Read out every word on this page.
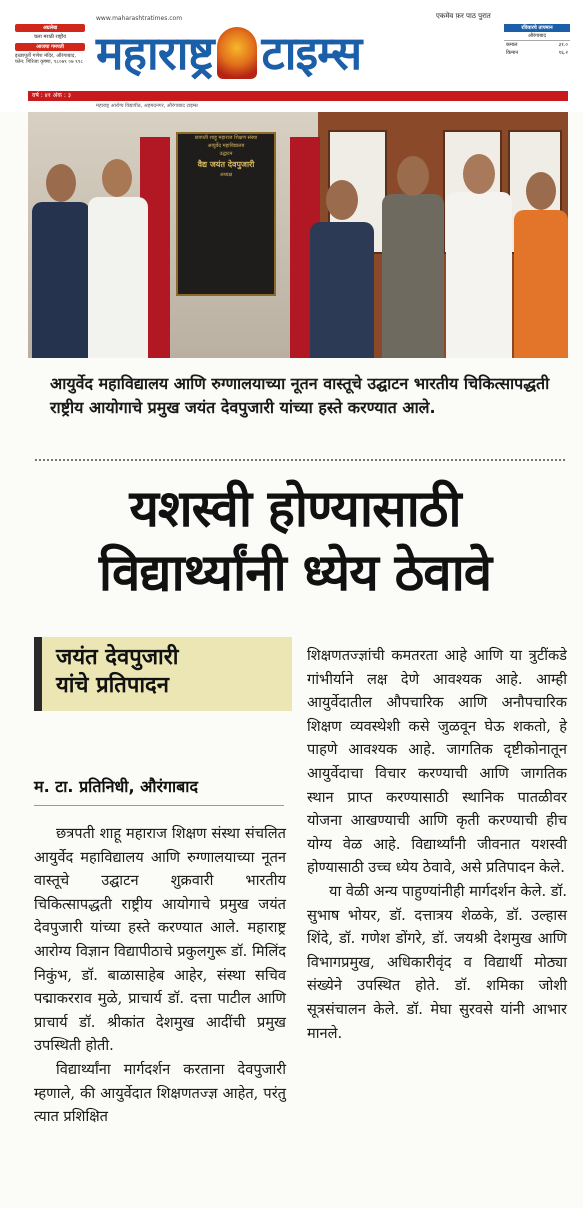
अग्रलेख
चला मराठी राष्ट्रीय
आजचा गमपती
इच्छापूर्ती गणेश मंदिर, औरंगाबाद, फोन: गिरिजा कृष्णा, ९८०७९ ०७ ९९८
www.maharashtratimes.com	एकमेव फ़र पाठ पुरात
महाराष्ट्र टाइम्स	रविवारचे तापमान
औरंगाबाद
कमाल	३१.०
किमान	१६.२
वर्ष : ४१ अंक : ३
महाराष्ट्र आरोग्य विद्यापीठ, अहमदनगर, औरंगाबाद टाइम्स
छत्रपती शाहू महाराज शिक्षण संस्था
आयुर्वेद महाविद्यालय
उद्घाटन
वैद्य जयंत देवपुजारी
अध्यक्ष
आयुर्वेद महाविद्यालय आणि रुग्णालयाच्या नूतन वास्तूचे उद्घाटन भारतीय चिकित्सापद्धती राष्ट्रीय आयोगाचे प्रमुख जयंत देवपुजारी यांच्या हस्ते करण्यात आले.
यशस्वी होण्यासाठी
विद्यार्थ्यांनी ध्येय ठेवावे
जयंत देवपुजारी
यांचे प्रतिपादन
म. टा. प्रतिनिधी, औरंगाबाद

छत्रपती शाहू महाराज शिक्षण संस्था संचलित आयुर्वेद महाविद्यालय आणि रुग्णालयाच्या नूतन वास्तूचे उद्घाटन शुक्रवारी भारतीय चिकित्सापद्धती राष्ट्रीय आयोगाचे प्रमुख जयंत देवपुजारी यांच्या हस्ते करण्यात आले. महाराष्ट्र आरोग्य विज्ञान विद्यापीठाचे प्रकुलगुरू डॉ. मिलिंद निकुंभ, डॉ. बाळासाहेब आहेर, संस्था सचिव पद्माकरराव मुळे, प्राचार्य डॉ. दत्ता पाटील आणि प्राचार्य डॉ. श्रीकांत देशमुख आदींची प्रमुख उपस्थिती होती.

विद्यार्थ्यांना मार्गदर्शन करताना देवपुजारी म्हणाले, की आयुर्वेदात शिक्षणतज्ज्ञ आहेत, परंतु त्यात प्रशिक्षित

शिक्षणतज्ज्ञांची कमतरता आहे आणि या त्रुटींकडे गांभीर्याने लक्ष देणे आवश्यक आहे. आम्ही आयुर्वेदातील औपचारिक आणि अनौपचारिक शिक्षण व्यवस्थेशी कसे जुळवून घेऊ शकतो, हे पाहणे आवश्यक आहे. जागतिक दृष्टीकोनातून आयुर्वेदाचा विचार करण्याची आणि जागतिक स्थान प्राप्त करण्यासाठी स्थानिक पातळीवर योजना आखण्याची आणि कृती करण्याची हीच योग्य वेळ आहे. विद्यार्थ्यांनी जीवनात यशस्वी होण्यासाठी उच्च ध्येय ठेवावे, असे प्रतिपादन केले.

या वेळी अन्य पाहुण्यांनीही मार्गदर्शन केले. डॉ. सुभाष भोयर, डॉ. दत्तात्रय शेळके, डॉ. उल्हास शिंदे, डॉ. गणेश डोंगरे, डॉ. जयश्री देशमुख आणि विभागप्रमुख, अधिकारीवृंद व विद्यार्थी मोठ्या संख्येने उपस्थित होते. डॉ. शमिका जोशी सूत्रसंचालन केले. डॉ. मेघा सुरवसे यांनी आभार मानले.
